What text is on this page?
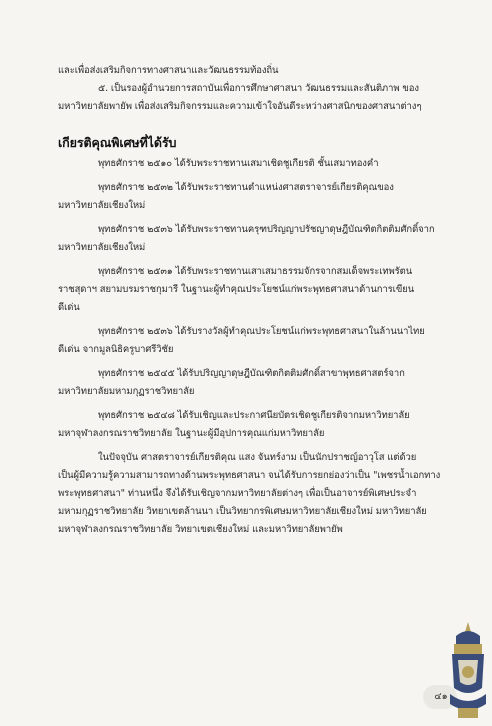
และเพื่อส่งเสริมกิจการทางศาสนาและวัฒนธรรมท้องถิ่น
๕. เป็นรองผู้อำนวยการสถาบันเพื่อการศึกษาศาสนา วัฒนธรรมและสันติภาพ ของ
มหาวิทยาลัยพายัพ เพื่อส่งเสริมกิจกรรมและความเข้าใจอันดีระหว่างศาสนิกของศาสนาต่างๆ
เกียรติคุณพิเศษที่ได้รับ
พุทธศักราช ๒๕๑๐ ได้รับพระราชทานเสมาเชิดชูเกียรติ ชั้นเสมาทองคำ
พุทธศักราช ๒๕๓๒ ได้รับพระราชทานตำแหน่งศาสตราจารย์เกียรติคุณของ
มหาวิทยาลัยเชียงใหม่
พุทธศักราช ๒๕๓๖ ได้รับพระราชทานครุฑปริญญาปรัชญาดุษฎีบัณฑิตกิตติมศักดิ์จาก
มหาวิทยาลัยเชียงใหม่
พุทธศักราช ๒๕๓๑ ได้รับพระราชทานเสาเสมาธรรมจักรจากสมเด็จพระเทพรัตน
ราชสุดาฯ สยามบรมราชกุมารี ในฐานะผู้ทำคุณประโยชน์แก่พระพุทธศาสนาด้านการเขียน
ดีเด่น
พุทธศักราช ๒๕๓๖ ได้รับรางวัลผู้ทำคุณประโยชน์แก่พระพุทธศาสนาในล้านนาไทย
ดีเด่น จากมูลนิธิครูบาศรีวิชัย
พุทธศักราช ๒๕๔๕ ได้รับปริญญาดุษฎีบัณฑิตกิตติมศักดิ์สาขาพุทธศาสตร์จาก
มหาวิทยาลัยมหามกุฏราชวิทยาลัย
พุทธศักราช ๒๕๔๘ ได้รับเชิญและประกาศนียบัตรเชิดชูเกียรติจากมหาวิทยาลัย
มหาจุฬาลงกรณราชวิทยาลัย ในฐานะผู้มีอุปการคุณแก่มหาวิทยาลัย
ในปัจจุบัน ศาสตราจารย์เกียรติคุณ แสง จันทร์งาม เป็นนักปราชญ์อาวุโส แต่ด้วย
เป็นผู้มีความรู้ความสามารถทางด้านพระพุทธศาสนา จนได้รับการยกย่องว่าเป็น "เพชรน้ำเอกทาง
พระพุทธศาสนา" ท่านหนึ่ง จึงได้รับเชิญจากมหาวิทยาลัยต่างๆ เพื่อเป็นอาจารย์พิเศษประจำ
มหามกุฏราชวิทยาลัย วิทยาเขตล้านนา เป็นวิทยากรพิเศษมหาวิทยาลัยเชียงใหม่ มหาวิทยาลัย
มหาจุฬาลงกรณราชวิทยาลัย วิทยาเขตเชียงใหม่ และมหาวิทยาลัยพายัพ
๔๑
